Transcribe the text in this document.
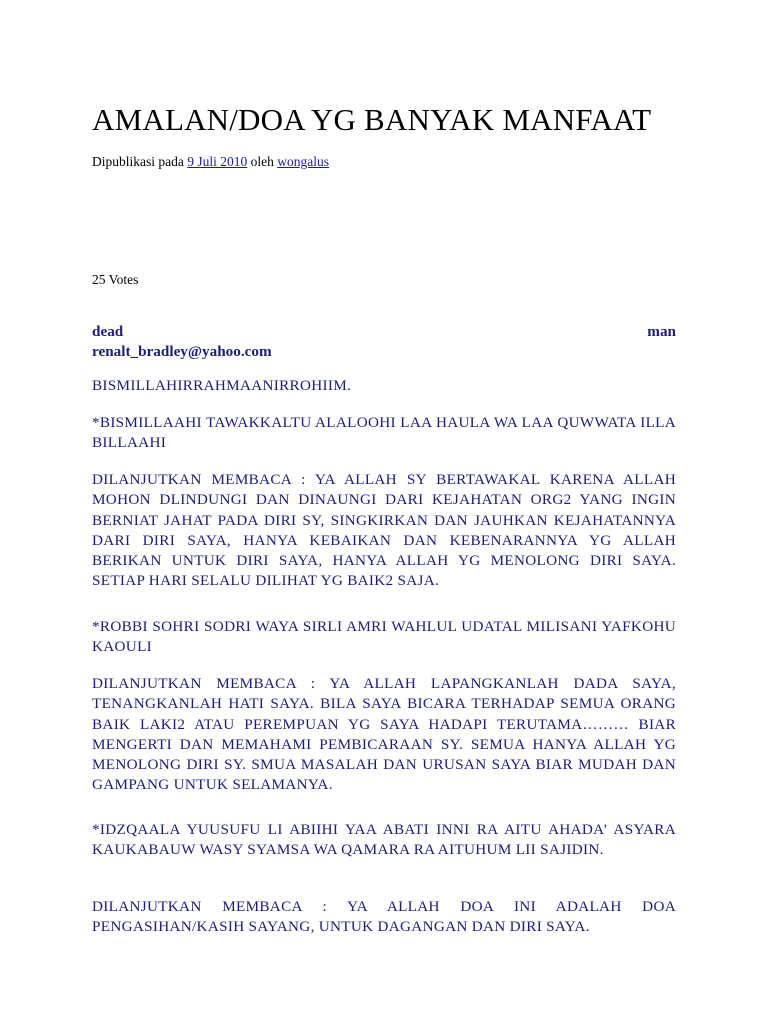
AMALAN/DOA YG BANYAK MANFAAT
Dipublikasi pada 9 Juli 2010 oleh wongalus
25 Votes
dead	man
renalt_bradley@yahoo.com

BISMILLAHIRRAHMAANIRROHIIM.

*BISMILLAAHI TAWAKKALTU ALALOOHI LAA HAULA WA LAA QUWWATA ILLA BILLAAHI

DILANJUTKAN MEMBACA : YA ALLAH SY BERTAWAKAL KARENA ALLAH MOHON DLINDUNGI DAN DINAUNGI DARI KEJAHATAN ORG2 YANG INGIN BERNIAT JAHAT PADA DIRI SY, SINGKIRKAN DAN JAUHKAN KEJAHATANNYA DARI DIRI SAYA, HANYA KEBAIKAN DAN KEBENARANNYA YG ALLAH BERIKAN UNTUK DIRI SAYA, HANYA ALLAH YG MENOLONG DIRI SAYA. SETIAP HARI SELALU DILIHAT YG BAIK2 SAJA.

*ROBBI SOHRI SODRI WAYA SIRLI AMRI WAHLUL UDATAL MILISANI YAFKOHU KAOULI

DILANJUTKAN MEMBACA : YA ALLAH LAPANGKANLAH DADA SAYA, TENANGKANLAH HATI SAYA. BILA SAYA BICARA TERHADAP SEMUA ORANG BAIK LAKI2 ATAU PEREMPUAN YG SAYA HADAPI TERUTAMA……… BIAR MENGERTI DAN MEMAHAMI PEMBICARAAN SY. SEMUA HANYA ALLAH YG MENOLONG DIRI SY. SMUA MASALAH DAN URUSAN SAYA BIAR MUDAH DAN GAMPANG UNTUK SELAMANYA.

*IDZQAALA YUUSUFU LI ABIIHI YAA ABATI INNI RA AITU AHADA’ ASYARA KAUKABAUW WASY SYAMSA WA QAMARA RA AITUHUM LII SAJIDIN.

DILANJUTKAN MEMBACA : YA ALLAH DOA INI ADALAH DOA PENGASIHAN/KASIH SAYANG, UNTUK DAGANGAN DAN DIRI SAYA.
